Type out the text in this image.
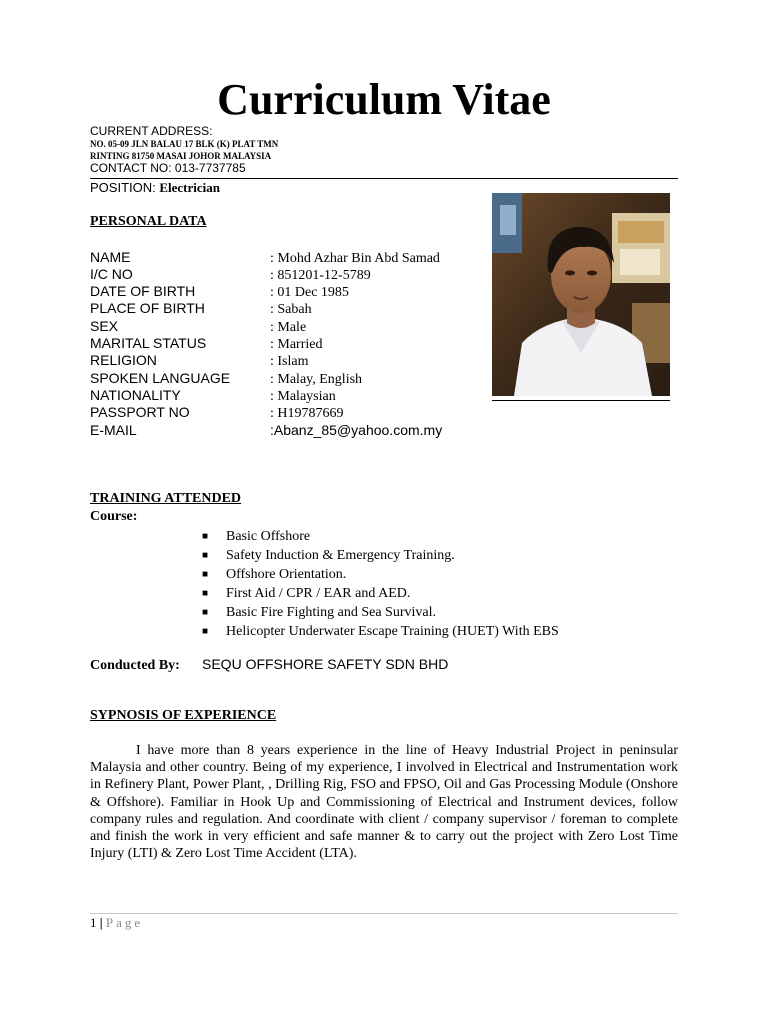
Curriculum Vitae
CURRENT ADDRESS:
NO. 05-09 JLN BALAU 17 BLK (K) PLAT TMN
RINTING 81750 MASAI JOHOR MALAYSIA
CONTACT NO: 013-7737785
POSITION: Electrician
PERSONAL DATA
NAME	: Mohd Azhar Bin Abd Samad
I/C NO	: 851201-12-5789
DATE OF BIRTH	: 01 Dec 1985
PLACE OF BIRTH	: Sabah
SEX	: Male
MARITAL STATUS	: Married
RELIGION	: Islam
SPOKEN LANGUAGE	: Malay, English
NATIONALITY	: Malaysian
PASSPORT NO	: H19787669
E-MAIL	:Abanz_85@yahoo.com.my
TRAINING ATTENDED
Course:
■ Basic Offshore
■ Safety Induction & Emergency Training.
■ Offshore Orientation.
■ First Aid / CPR / EAR and AED.
■ Basic Fire Fighting and Sea Survival.
■ Helicopter Underwater Escape Training (HUET) With EBS
Conducted By: SEQU OFFSHORE SAFETY SDN BHD
SYPNOSIS OF EXPERIENCE
I have more than 8 years experience in the line of Heavy Industrial Project in peninsular Malaysia and other country. Being of my experience, I involved in Electrical and Instrumentation work in Refinery Plant, Power Plant, , Drilling Rig, FSO and FPSO, Oil and Gas Processing Module (Onshore & Offshore). Familiar in Hook Up and Commissioning of Electrical and Instrument devices, follow company rules and regulation. And coordinate with client / company supervisor / foreman to complete and finish the work in very efficient and safe manner & to carry out the project with Zero Lost Time Injury (LTI) & Zero Lost Time Accident (LTA).
1 | Page
